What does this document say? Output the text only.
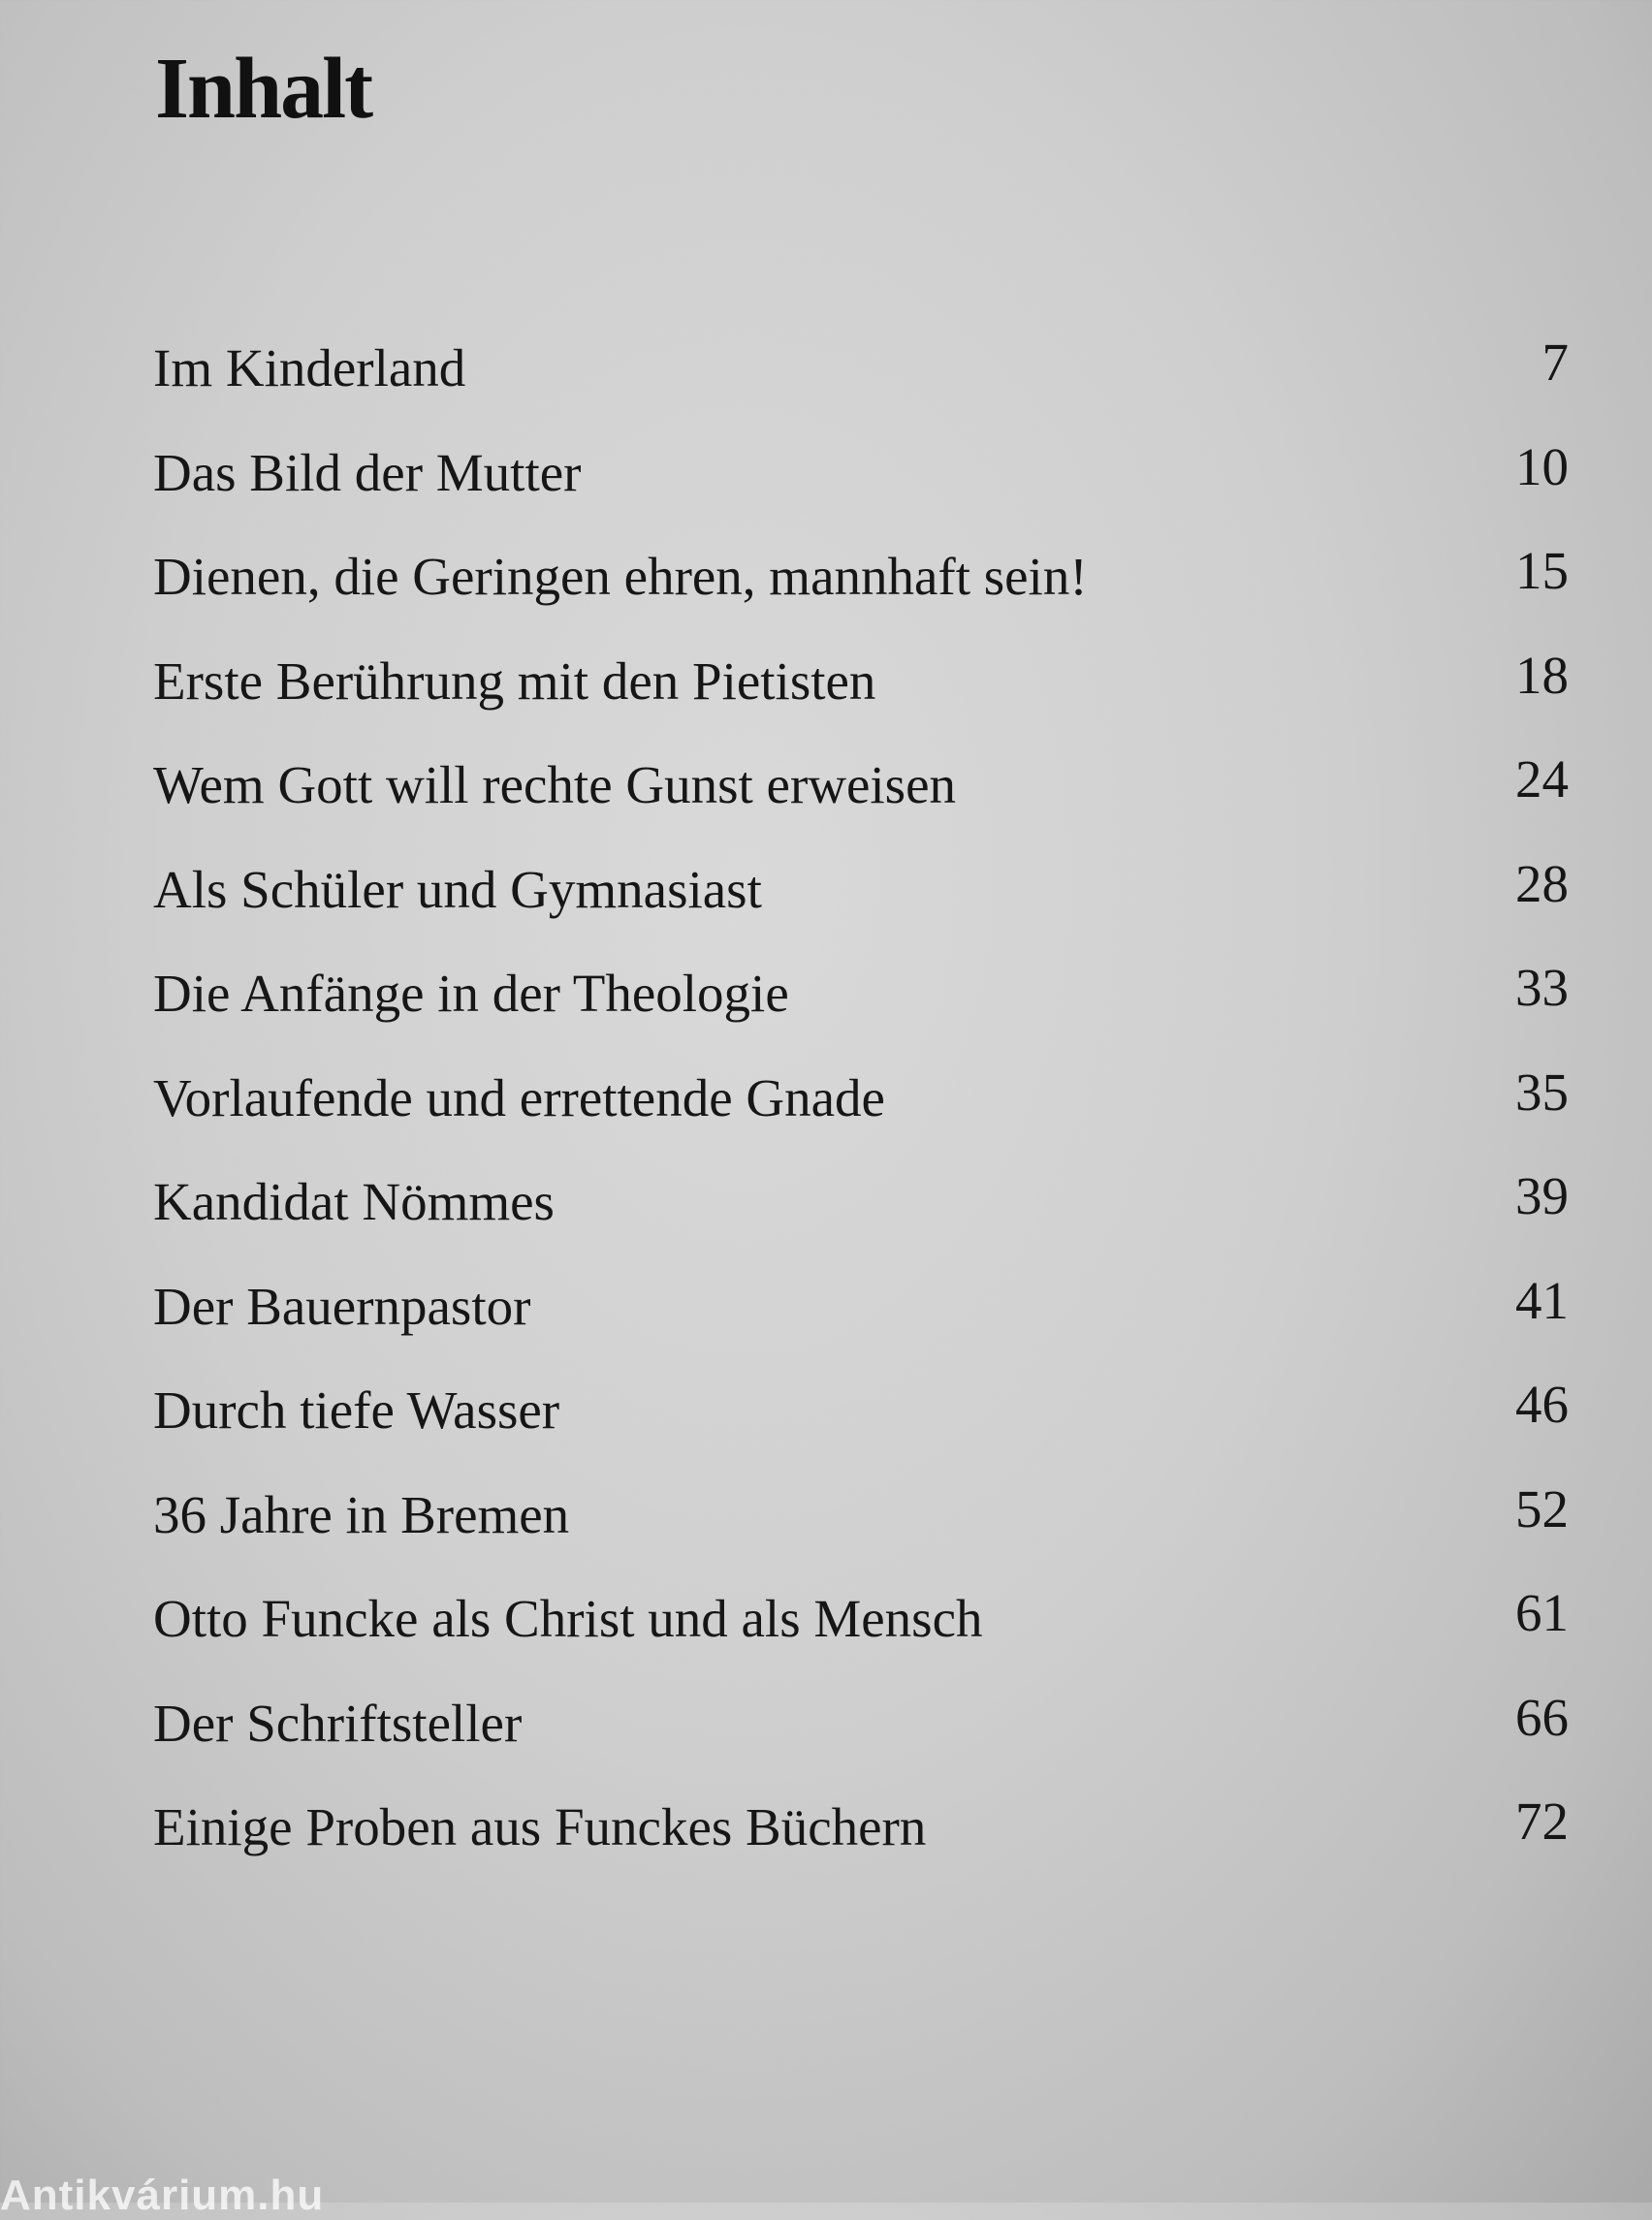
Inhalt
Im Kinderland	7
Das Bild der Mutter	10
Dienen, die Geringen ehren, mannhaft sein!	15
Erste Berührung mit den Pietisten	18
Wem Gott will rechte Gunst erweisen	24
Als Schüler und Gymnasiast	28
Die Anfänge in der Theologie	33
Vorlaufende und errettende Gnade	35
Kandidat Nömmes	39
Der Bauernpastor	41
Durch tiefe Wasser	46
36 Jahre in Bremen	52
Otto Funcke als Christ und als Mensch	61
Der Schriftsteller	66
Einige Proben aus Funckes Büchern	72
Antikvárium.hu
